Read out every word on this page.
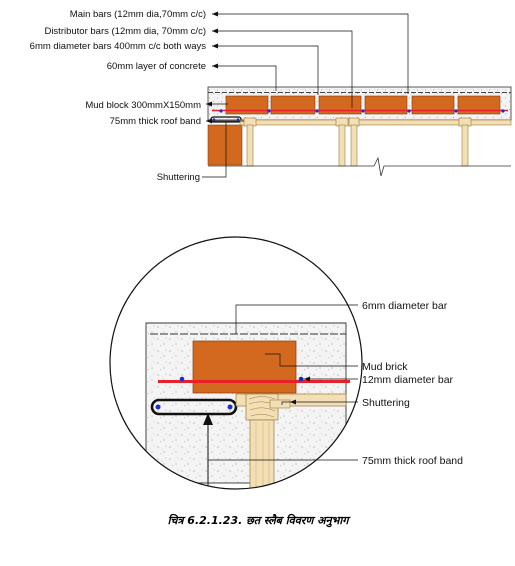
Main bars (12mm dia,70mm c/c)
Distributor bars (12mm dia, 70mm c/c)
6mm diameter bars 400mm c/c both ways
60mm layer of concrete
Mud block 300mmX150mm
75mm thick roof band
Shuttering
6mm diameter bar
Mud brick
12mm diameter bar
Shuttering
75mm thick roof band
चित्र 6.2.1.23. छत स्लैब विवरण अनुभाग
